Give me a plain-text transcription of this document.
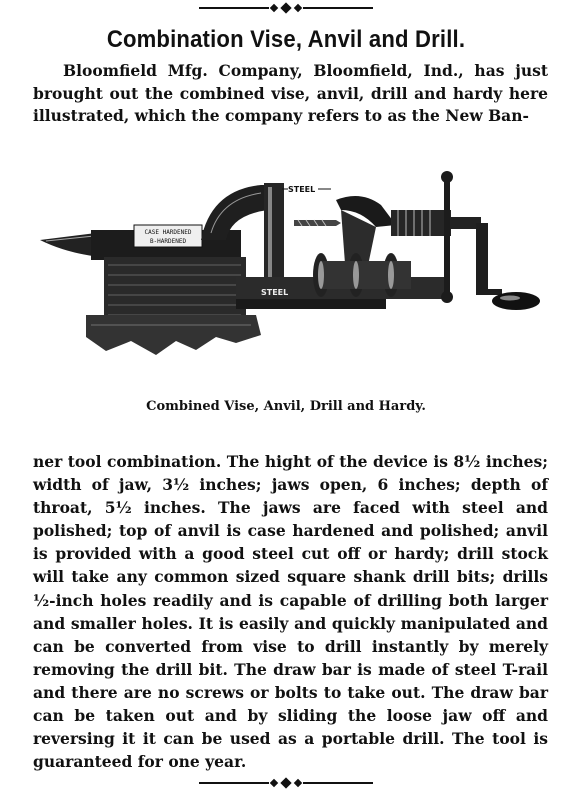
Combination Vise, Anvil and Drill.

Bloomfield Mfg. Company, Bloomfield, Ind., has just brought out the combined vise, anvil, drill and hardy here illustrated, which the company refers to as the New Ban-

CASE HARDENED
B-HARDENED
STEEL
STEEL

Combined Vise, Anvil, Drill and Hardy.

ner tool combination. The hight of the device is 8½ inches; width of jaw, 3½ inches; jaws open, 6 inches; depth of throat, 5½ inches. The jaws are faced with steel and polished; top of anvil is case hardened and polished; anvil is provided with a good steel cut off or hardy; drill stock will take any common sized square shank drill bits; drills ½-inch holes readily and is capable of drilling both larger and smaller holes. It is easily and quickly manipulated and can be converted from vise to drill instantly by merely removing the drill bit. The draw bar is made of steel T-rail and there are no screws or bolts to take out. The draw bar can be taken out and by sliding the loose jaw off and reversing it it can be used as a portable drill. The tool is guaranteed for one year.
